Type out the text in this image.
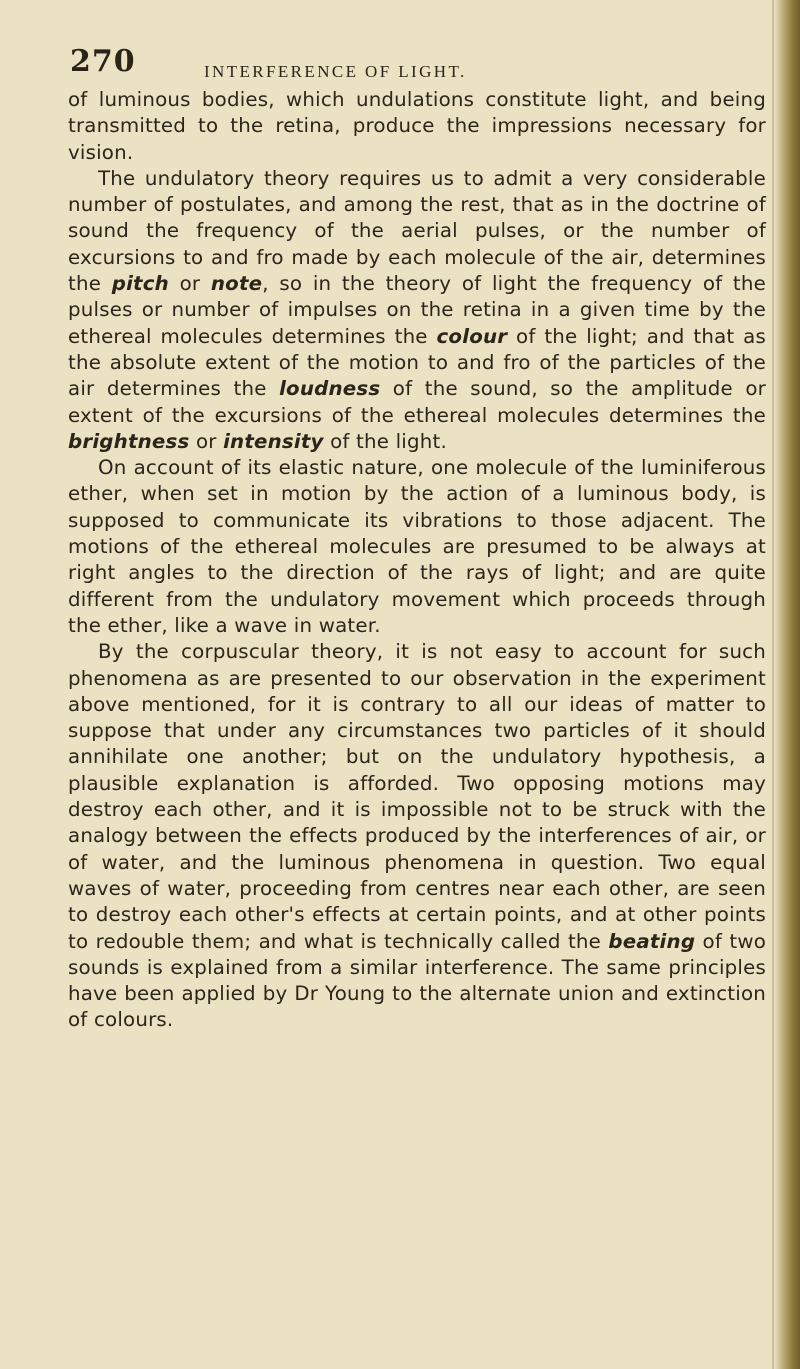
270	INTERFERENCE OF LIGHT.

of luminous bodies, which undulations constitute light, and being transmitted to the retina, produce the impressions necessary for vision.

The undulatory theory requires us to admit a very considerable number of postulates, and among the rest, that as in the doctrine of sound the frequency of the aerial pulses, or the number of excursions to and fro made by each molecule of the air, determines the pitch or note, so in the theory of light the frequency of the pulses or number of impulses on the retina in a given time by the ethereal molecules determines the colour of the light; and that as the absolute extent of the motion to and fro of the particles of the air determines the loudness of the sound, so the amplitude or extent of the excursions of the ethereal molecules determines the brightness or intensity of the light.

On account of its elastic nature, one molecule of the luminiferous ether, when set in motion by the action of a luminous body, is supposed to communicate its vibrations to those adjacent. The motions of the ethereal molecules are presumed to be always at right angles to the direction of the rays of light; and are quite different from the undulatory movement which proceeds through the ether, like a wave in water.

By the corpuscular theory, it is not easy to account for such phenomena as are presented to our observation in the experiment above mentioned, for it is contrary to all our ideas of matter to suppose that under any circumstances two particles of it should annihilate one another; but on the undulatory hypothesis, a plausible explanation is afforded. Two opposing motions may destroy each other, and it is impossible not to be struck with the analogy between the effects produced by the interferences of air, or of water, and the luminous phenomena in question. Two equal waves of water, proceeding from centres near each other, are seen to destroy each other's effects at certain points, and at other points to redouble them; and what is technically called the beating of two sounds is explained from a similar interference. The same principles have been applied by Dr Young to the alternate union and extinction of colours.
